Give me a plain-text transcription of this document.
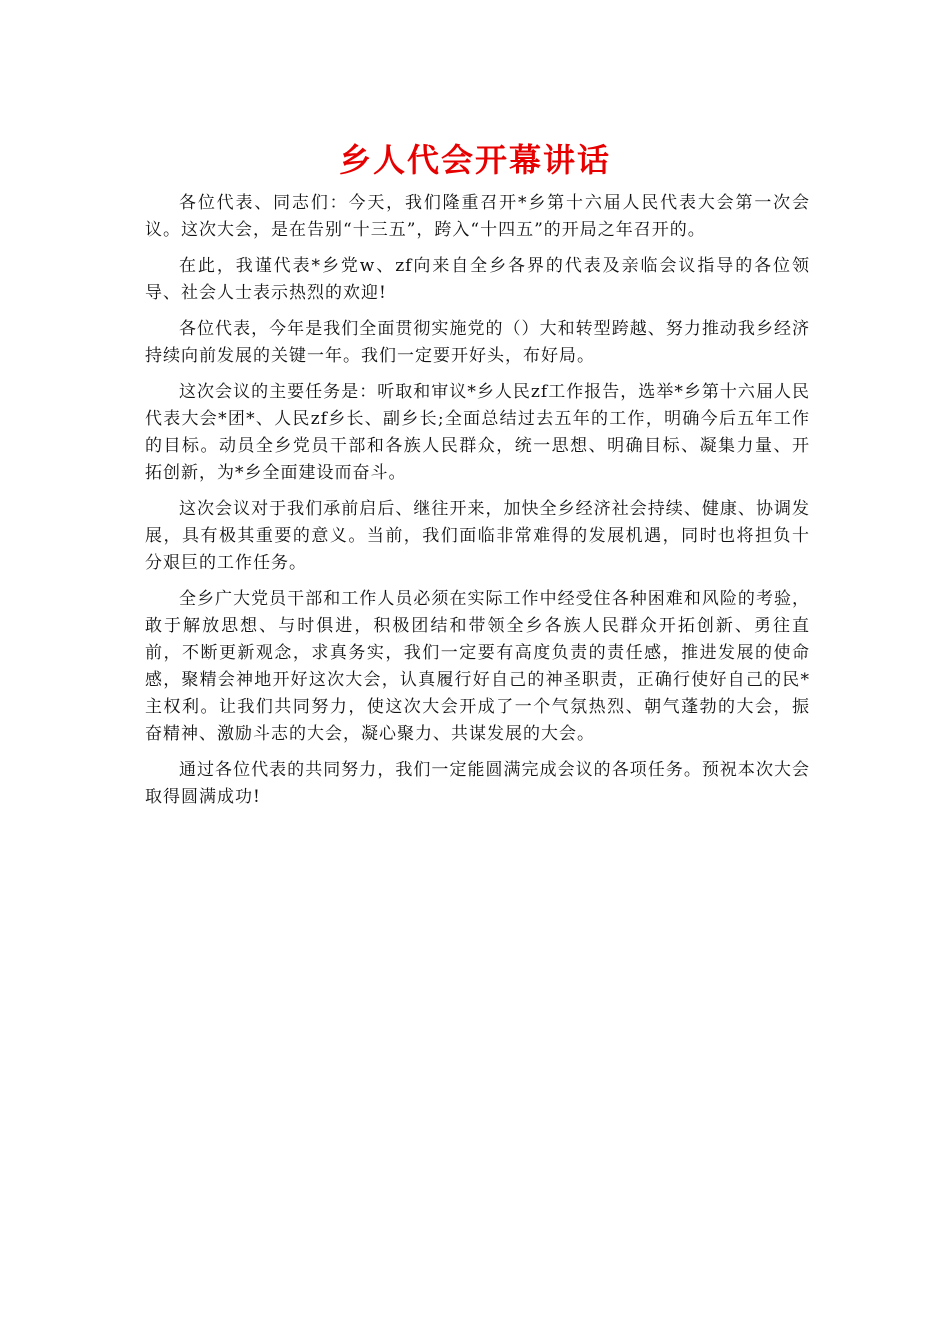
乡人代会开幕讲话

各位代表、同志们：今天，我们隆重召开*乡第十六届人民代表大会第一次会议。这次大会，是在告别“十三五”，跨入“十四五”的开局之年召开的。

在此，我谨代表*乡党w、zf向来自全乡各界的代表及亲临会议指导的各位领导、社会人士表示热烈的欢迎!

各位代表，今年是我们全面贯彻实施党的（）大和转型跨越、努力推动我乡经济持续向前发展的关键一年。我们一定要开好头，布好局。

这次会议的主要任务是：听取和审议*乡人民zf工作报告，选举*乡第十六届人民代表大会*团*、人民zf乡长、副乡长;全面总结过去五年的工作，明确今后五年工作的目标。动员全乡党员干部和各族人民群众，统一思想、明确目标、凝集力量、开拓创新，为*乡全面建设而奋斗。

这次会议对于我们承前启后、继往开来，加快全乡经济社会持续、健康、协调发展，具有极其重要的意义。当前，我们面临非常难得的发展机遇，同时也将担负十分艰巨的工作任务。

全乡广大党员干部和工作人员必须在实际工作中经受住各种困难和风险的考验，敢于解放思想、与时俱进，积极团结和带领全乡各族人民群众开拓创新、勇往直前，不断更新观念，求真务实，我们一定要有高度负责的责任感，推进发展的使命感，聚精会神地开好这次大会，认真履行好自己的神圣职责，正确行使好自己的民*主权利。让我们共同努力，使这次大会开成了一个气氛热烈、朝气蓬勃的大会，振奋精神、激励斗志的大会，凝心聚力、共谋发展的大会。

通过各位代表的共同努力，我们一定能圆满完成会议的各项任务。预祝本次大会取得圆满成功!
